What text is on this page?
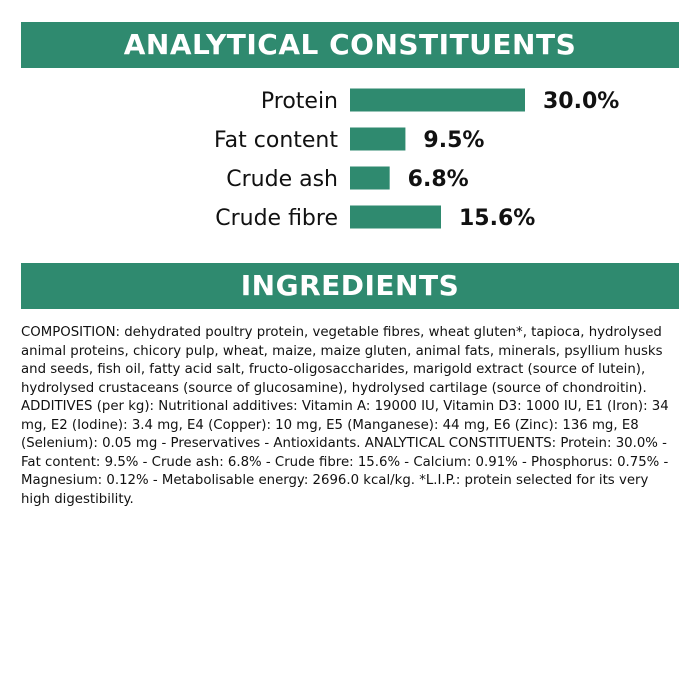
ANALYTICAL CONSTITUENTS
Protein	30.0%
Fat content	9.5%
Crude ash	6.8%
Crude fibre	15.6%
INGREDIENTS

COMPOSITION: dehydrated poultry protein, vegetable fibres, wheat gluten*, tapioca, hydrolysed animal proteins, chicory pulp, wheat, maize, maize gluten, animal fats, minerals, psyllium husks and seeds, fish oil, fatty acid salt, fructo-oligosaccharides, marigold extract (source of lutein), hydrolysed crustaceans (source of glucosamine), hydrolysed cartilage (source of chondroitin). ADDITIVES (per kg): Nutritional additives: Vitamin A: 19000 IU, Vitamin D3: 1000 IU, E1 (Iron): 34 mg, E2 (Iodine): 3.4 mg, E4 (Copper): 10 mg, E5 (Manganese): 44 mg, E6 (Zinc): 136 mg, E8 (Selenium): 0.05 mg - Preservatives - Antioxidants. ANALYTICAL CONSTITUENTS: Protein: 30.0% - Fat content: 9.5% - Crude ash: 6.8% - Crude fibre: 15.6% - Calcium: 0.91% - Phosphorus: 0.75% - Magnesium: 0.12% - Metabolisable energy: 2696.0 kcal/kg. *L.I.P.: protein selected for its very high digestibility.
